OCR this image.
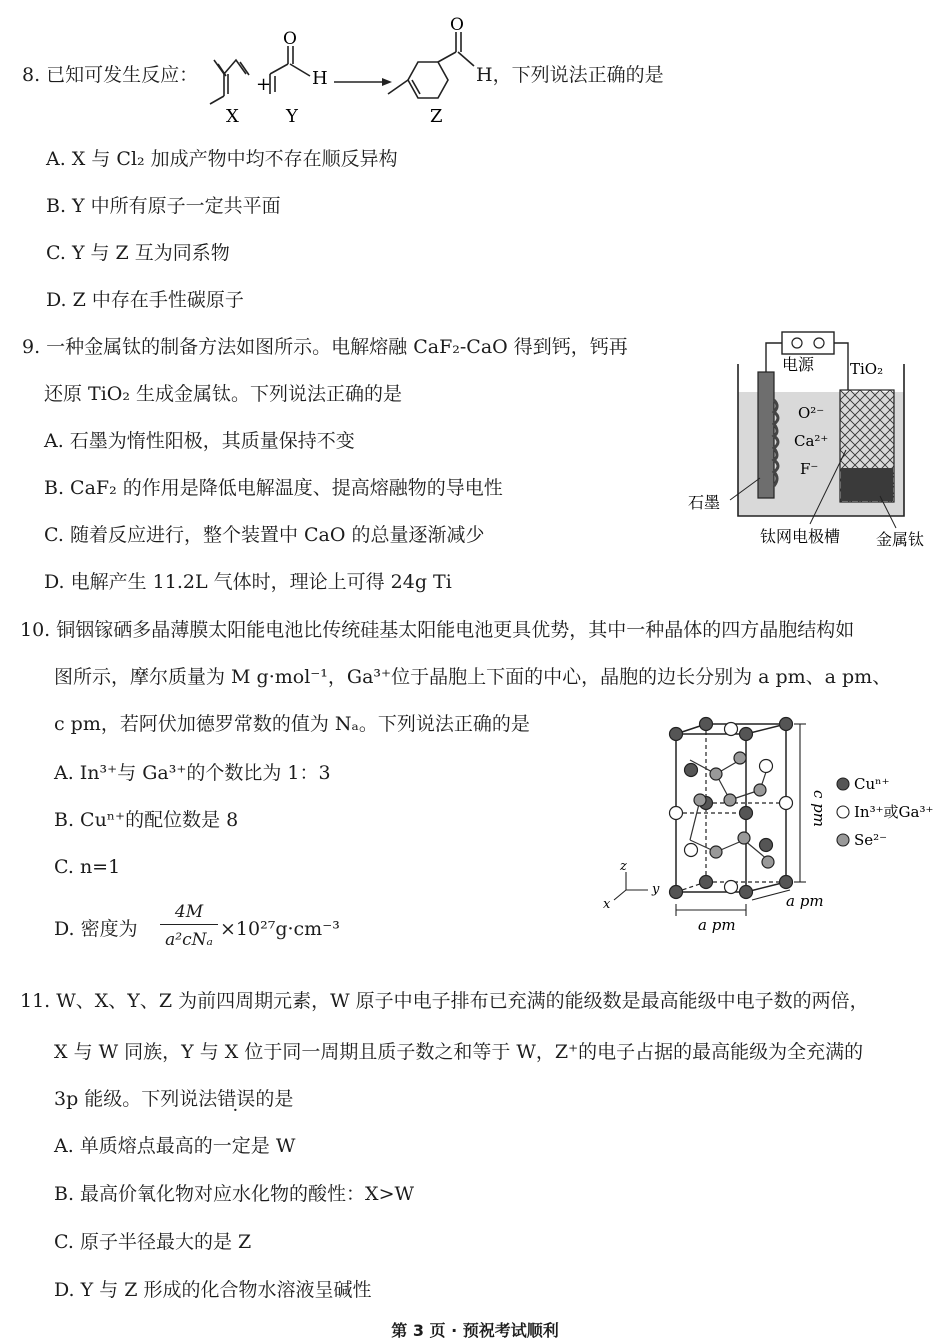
8. 已知可发生反应：
X
+
O
H
Y
O
Z
H，下列说法正确的是
A. X 与 Cl₂ 加成产物中均不存在顺反异构
B. Y 中所有原子一定共平面
C. Y 与 Z 互为同系物
D. Z 中存在手性碳原子
9. 一种金属钛的制备方法如图所示。电解熔融 CaF₂-CaO 得到钙，钙再
还原 TiO₂ 生成金属钛。下列说法正确的是
A. 石墨为惰性阳极，其质量保持不变
B. CaF₂ 的作用是降低电解温度、提高熔融物的导电性
C. 随着反应进行，整个装置中 CaO 的总量逐渐减少
D. 电解产生 11.2L 气体时，理论上可得 24g Ti
电源 TiO₂
O²⁻
Ca²⁺
F⁻
石墨
钛网电极槽 金属钛
10. 铜铟镓硒多晶薄膜太阳能电池比传统硅基太阳能电池更具优势，其中一种晶体的四方晶胞结构如
图所示，摩尔质量为 M g·mol⁻¹，Ga³⁺位于晶胞上下面的中心，晶胞的边长分别为 a pm、a pm、
c pm，若阿伏加德罗常数的值为 Nₐ。下列说法正确的是
A. In³⁺与 Ga³⁺的个数比为 1：3
B. Cuⁿ⁺的配位数是 8
C. n=1
D. 密度为
4M
a²cNₐ ×10²⁷g·cm⁻³
c pm
a pm
a pm
z
y
x
Cuⁿ⁺
In³⁺或Ga³⁺
Se²⁻
11. W、X、Y、Z 为前四周期元素，W 原子中电子排布已充满的能级数是最高能级中电子数的两倍，
X 与 W 同族，Y 与 X 位于同一周期且质子数之和等于 W，Z⁺的电子占据的最高能级为全充满的
3p 能级。下列说法错误的是
A. 单质熔点最高的一定是 W
B. 最高价氧化物对应水化物的酸性：X>W
C. 原子半径最大的是 Z
D. Y 与 Z 形成的化合物水溶液呈碱性
第 3 页 · 预祝考试顺利
